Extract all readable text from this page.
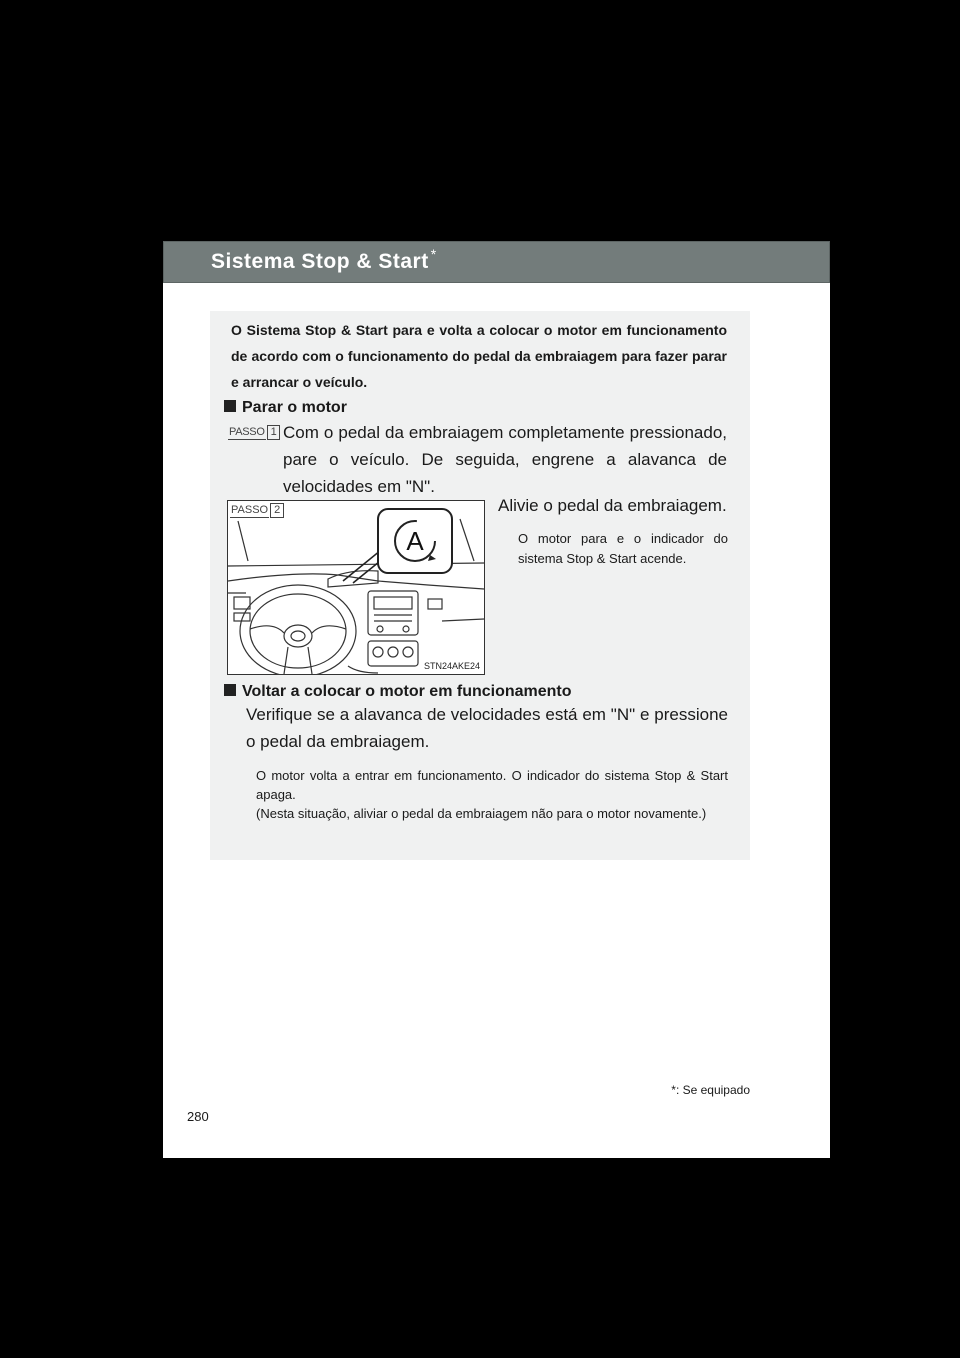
Sistema Stop & Start *
O Sistema Stop & Start para e volta a colocar o motor em funcionamento de acordo com o funcionamento do pedal da embraiagem para fazer parar e arrancar o veículo.
Parar o motor
PASSO 1 Com o pedal da embraiagem completamente pressionado, pare o veículo. De seguida, engrene a alavanca de velocidades em "N".
A
PASSO 2
STN24AKE24
Alivie o pedal da embraiagem.
O motor para e o indicador do sistema Stop & Start acende.
Voltar a colocar o motor em funcionamento
Verifique se a alavanca de velocidades está em "N" e pressione o pedal da embraiagem.

O motor volta a entrar em funcionamento. O indicador do sistema Stop & Start apaga.

(Nesta situação, aliviar o pedal da embraiagem não para o motor novamente.)

*: Se equipado
280
